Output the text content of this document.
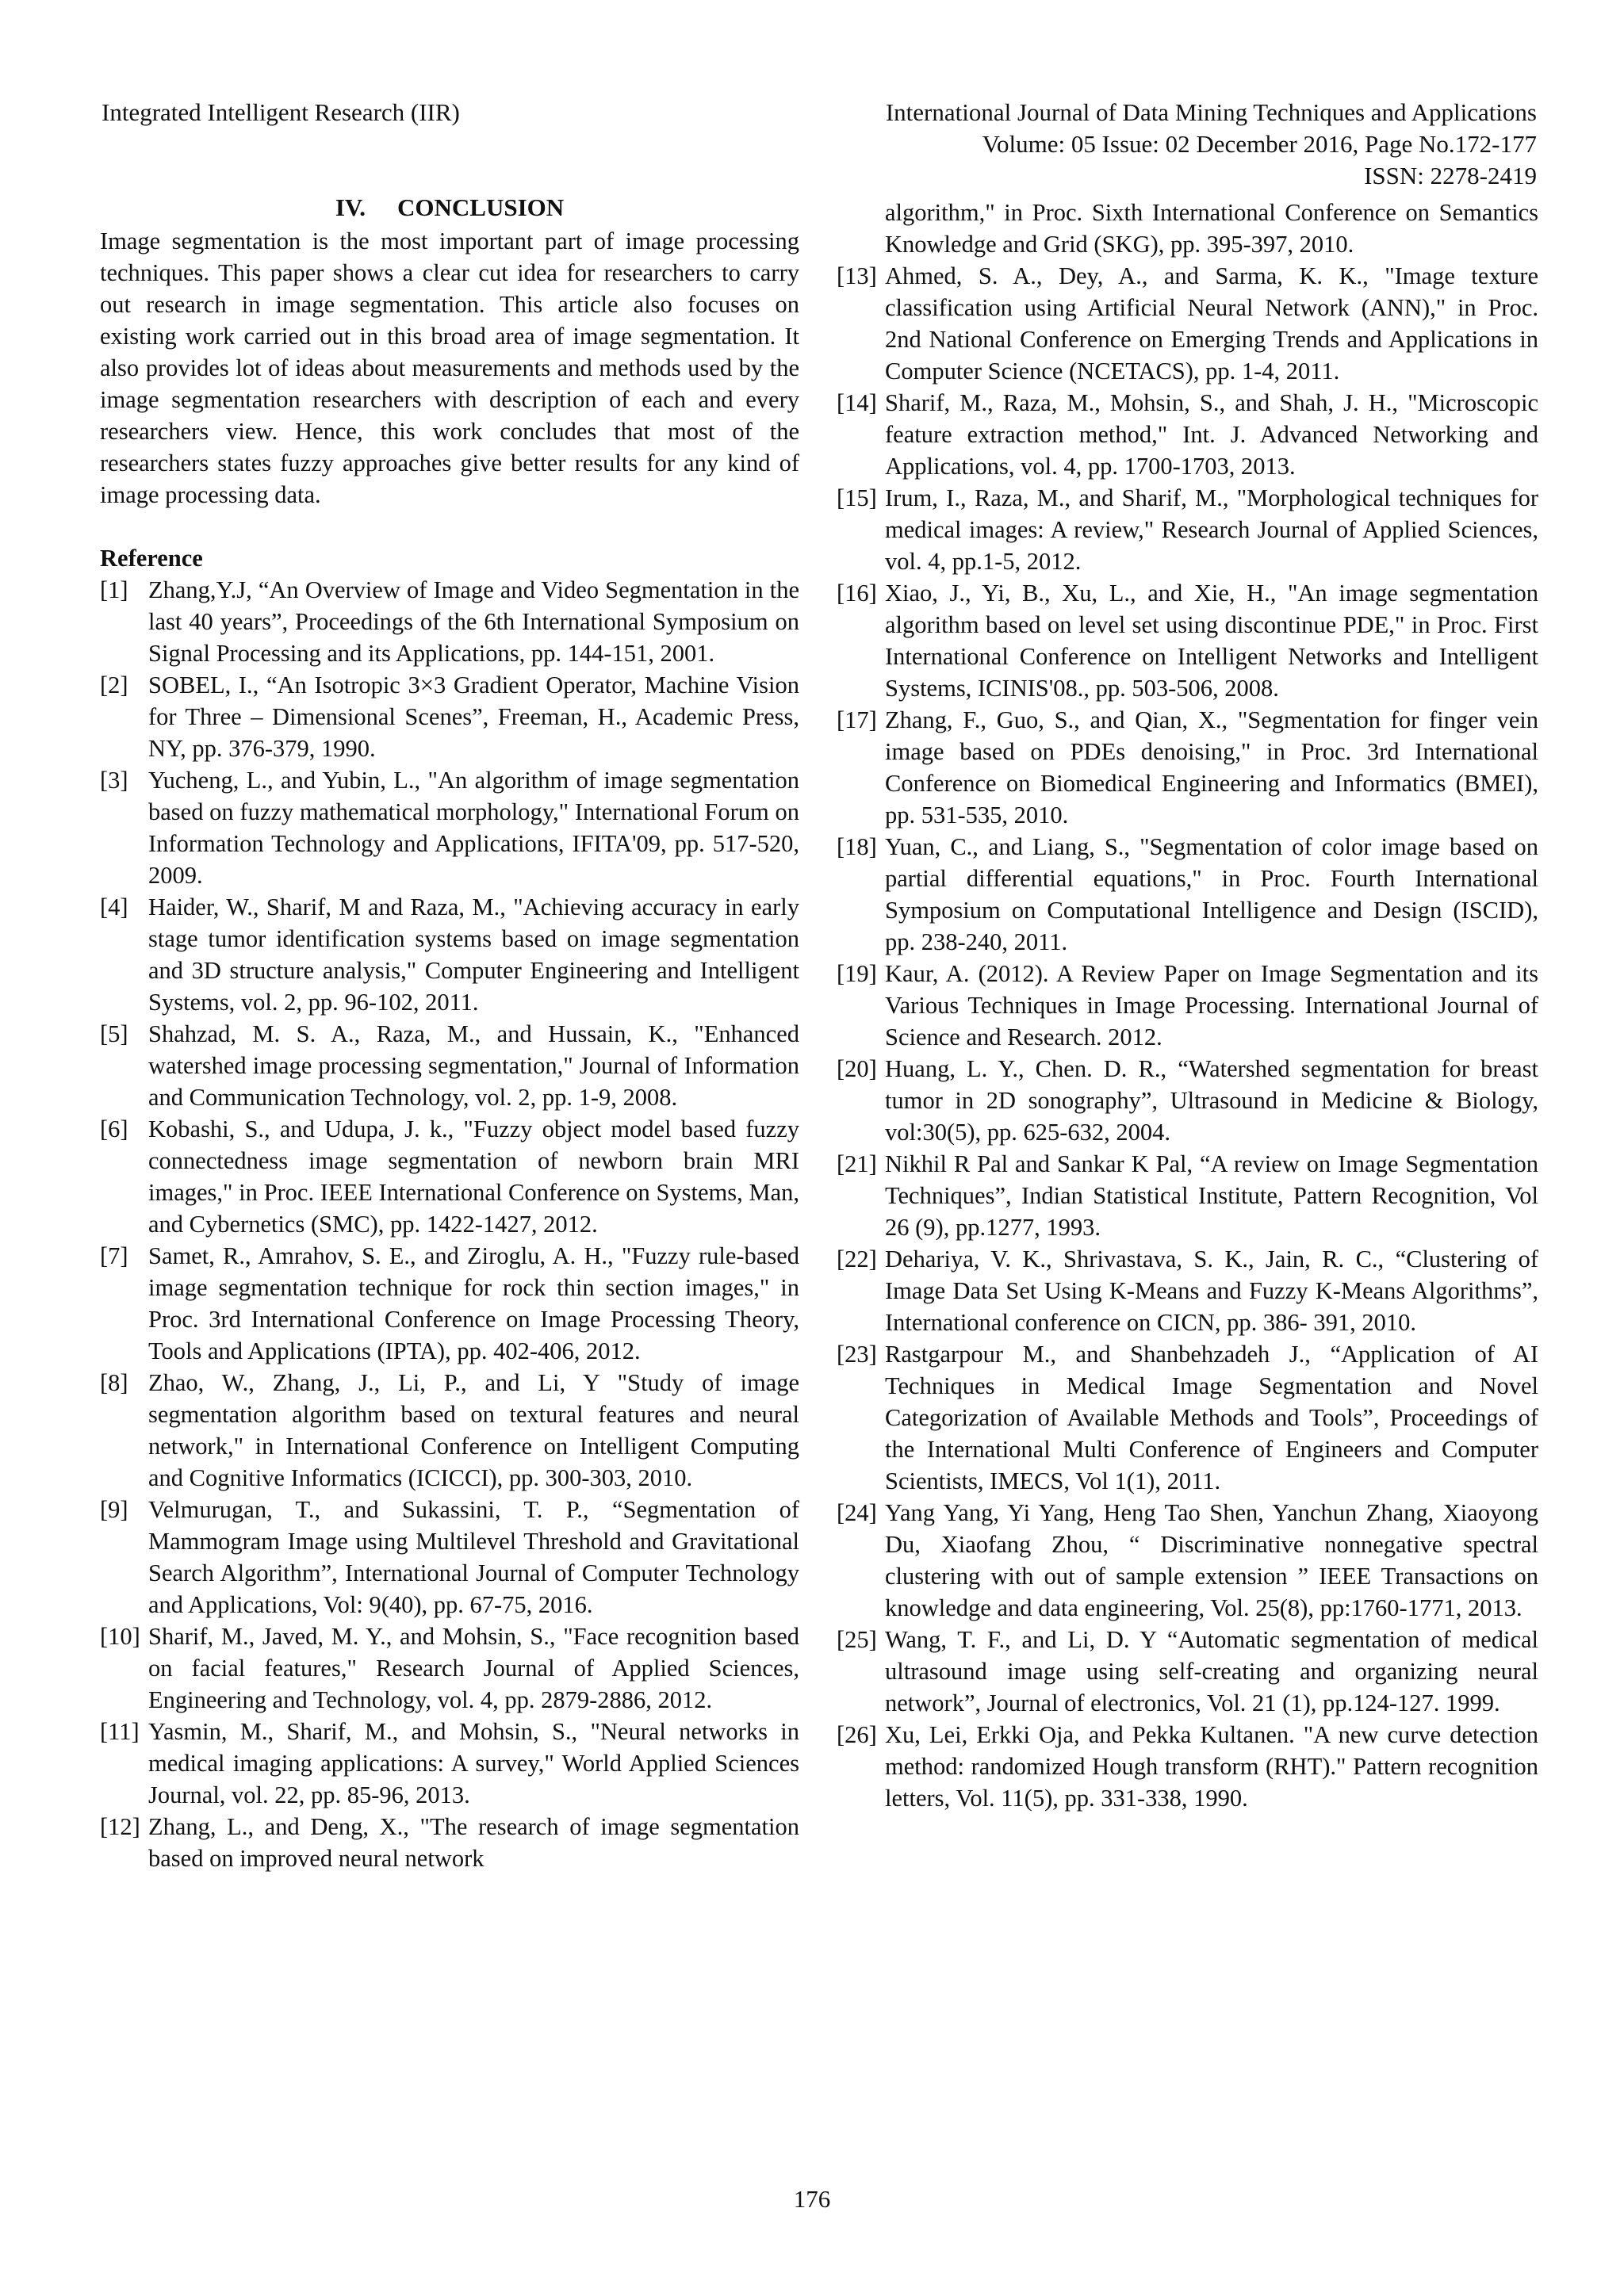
Integrated Intelligent Research (IIR)	International Journal of Data Mining Techniques and Applications
Volume: 05 Issue: 02 December 2016, Page No.172-177
ISSN: 2278-2419
IV. CONCLUSION

Image segmentation is the most important part of image processing techniques. This paper shows a clear cut idea for researchers to carry out research in image segmentation. This article also focuses on existing work carried out in this broad area of image segmentation. It also provides lot of ideas about measurements and methods used by the image segmentation researchers with description of each and every researchers view. Hence, this work concludes that most of the researchers states fuzzy approaches give better results for any kind of image processing data.

Reference
[1] Zhang,Y.J, “An Overview of Image and Video Segmentation in the last 40 years”, Proceedings of the 6th International Symposium on Signal Processing and its Applications, pp. 144-151, 2001.
[2] SOBEL, I., “An Isotropic 3×3 Gradient Operator, Machine Vision for Three – Dimensional Scenes”, Freeman, H., Academic Press, NY, pp. 376-379, 1990.
[3] Yucheng, L., and Yubin, L., "An algorithm of image segmentation based on fuzzy mathematical morphology," International Forum on Information Technology and Applications, IFITA'09, pp. 517-520, 2009.
[4] Haider, W., Sharif, M and Raza, M., "Achieving accuracy in early stage tumor identification systems based on image segmentation and 3D structure analysis," Computer Engineering and Intelligent Systems, vol. 2, pp. 96-102, 2011.
[5] Shahzad, M. S. A., Raza, M., and Hussain, K., "Enhanced watershed image processing segmentation," Journal of Information and Communication Technology, vol. 2, pp. 1-9, 2008.
[6] Kobashi, S., and Udupa, J. k., "Fuzzy object model based fuzzy connectedness image segmentation of newborn brain MRI images," in Proc. IEEE International Conference on Systems, Man, and Cybernetics (SMC), pp. 1422-1427, 2012.
[7] Samet, R., Amrahov, S. E., and Ziroglu, A. H., "Fuzzy rule-based image segmentation technique for rock thin section images," in Proc. 3rd International Conference on Image Processing Theory, Tools and Applications (IPTA), pp. 402-406, 2012.
[8] Zhao, W., Zhang, J., Li, P., and Li, Y "Study of image segmentation algorithm based on textural features and neural network," in International Conference on Intelligent Computing and Cognitive Informatics (ICICCI), pp. 300-303, 2010.
[9] Velmurugan, T., and Sukassini, T. P., “Segmentation of Mammogram Image using Multilevel Threshold and Gravitational Search Algorithm”, International Journal of Computer Technology and Applications, Vol: 9(40), pp. 67-75, 2016.
[10] Sharif, M., Javed, M. Y., and Mohsin, S., "Face recognition based on facial features," Research Journal of Applied Sciences, Engineering and Technology, vol. 4, pp. 2879-2886, 2012.
[11] Yasmin, M., Sharif, M., and Mohsin, S., "Neural networks in medical imaging applications: A survey," World Applied Sciences Journal, vol. 22, pp. 85-96, 2013.
[12] Zhang, L., and Deng, X., "The research of image segmentation based on improved neural network
algorithm," in Proc. Sixth International Conference on Semantics Knowledge and Grid (SKG), pp. 395-397, 2010.
[13] Ahmed, S. A., Dey, A., and Sarma, K. K., "Image texture classification using Artificial Neural Network (ANN)," in Proc. 2nd National Conference on Emerging Trends and Applications in Computer Science (NCETACS), pp. 1-4, 2011.
[14] Sharif, M., Raza, M., Mohsin, S., and Shah, J. H., "Microscopic feature extraction method," Int. J. Advanced Networking and Applications, vol. 4, pp. 1700-1703, 2013.
[15] Irum, I., Raza, M., and Sharif, M., "Morphological techniques for medical images: A review," Research Journal of Applied Sciences, vol. 4, pp.1-5, 2012.
[16] Xiao, J., Yi, B., Xu, L., and Xie, H., "An image segmentation algorithm based on level set using discontinue PDE," in Proc. First International Conference on Intelligent Networks and Intelligent Systems, ICINIS'08., pp. 503-506, 2008.
[17] Zhang, F., Guo, S., and Qian, X., "Segmentation for finger vein image based on PDEs denoising," in Proc. 3rd International Conference on Biomedical Engineering and Informatics (BMEI), pp. 531-535, 2010.
[18] Yuan, C., and Liang, S., "Segmentation of color image based on partial differential equations," in Proc. Fourth International Symposium on Computational Intelligence and Design (ISCID), pp. 238-240, 2011.
[19] Kaur, A. (2012). A Review Paper on Image Segmentation and its Various Techniques in Image Processing. International Journal of Science and Research. 2012.
[20] Huang, L. Y., Chen. D. R., “Watershed segmentation for breast tumor in 2D sonography”, Ultrasound in Medicine & Biology, vol:30(5), pp. 625-632, 2004.
[21] Nikhil R Pal and Sankar K Pal, “A review on Image Segmentation Techniques”, Indian Statistical Institute, Pattern Recognition, Vol 26 (9), pp.1277, 1993.
[22] Dehariya, V. K., Shrivastava, S. K., Jain, R. C., “Clustering of Image Data Set Using K-Means and Fuzzy K-Means Algorithms”, International conference on CICN, pp. 386- 391, 2010.
[23] Rastgarpour M., and Shanbehzadeh J., “Application of AI Techniques in Medical Image Segmentation and Novel Categorization of Available Methods and Tools”, Proceedings of the International Multi Conference of Engineers and Computer Scientists, IMECS, Vol 1(1), 2011.
[24] Yang Yang, Yi Yang, Heng Tao Shen, Yanchun Zhang, Xiaoyong Du, Xiaofang Zhou, “ Discriminative nonnegative spectral clustering with out of sample extension ” IEEE Transactions on knowledge and data engineering, Vol. 25(8), pp:1760-1771, 2013.
[25] Wang, T. F., and Li, D. Y “Automatic segmentation of medical ultrasound image using self-creating and organizing neural network”, Journal of electronics, Vol. 21 (1), pp.124-127. 1999.
[26] Xu, Lei, Erkki Oja, and Pekka Kultanen. "A new curve detection method: randomized Hough transform (RHT)." Pattern recognition letters, Vol. 11(5), pp. 331-338, 1990.
176
